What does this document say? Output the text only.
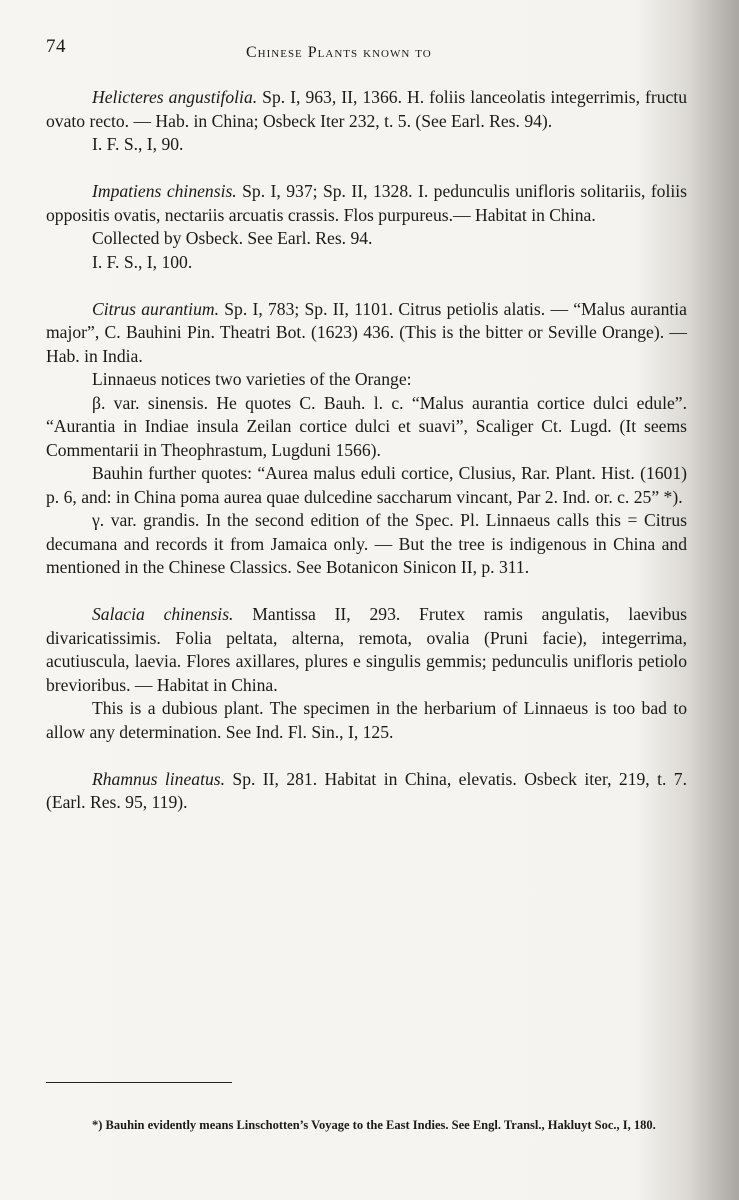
74	Chinese Plants known to

Helicteres angustifolia. Sp. I, 963, II, 1366. H. foliis lanceolatis integerrimis, fructu ovato recto. — Hab. in China; Osbeck Iter 232, t. 5. (See Earl. Res. 94).

I. F. S., I, 90.

Impatiens chinensis. Sp. I, 937; Sp. II, 1328. I. pedunculis unifloris solitariis, foliis oppositis ovatis, nectariis arcuatis crassis. Flos purpureus.— Habitat in China.

Collected by Osbeck. See Earl. Res. 94.

I. F. S., I, 100.

Citrus aurantium. Sp. I, 783; Sp. II, 1101. Citrus petiolis alatis. — “Malus aurantia major”, C. Bauhini Pin. Theatri Bot. (1623) 436. (This is the bitter or Seville Orange). — Hab. in India.

Linnaeus notices two varieties of the Orange:

β. var. sinensis. He quotes C. Bauh. l. c. “Malus aurantia cortice dulci edule”. “Aurantia in Indiae insula Zeilan cortice dulci et suavi”, Scaliger Ct. Lugd. (It seems Commentarii in Theophrastum, Lugduni 1566).

Bauhin further quotes: “Aurea malus eduli cortice, Clusius, Rar. Plant. Hist. (1601) p. 6, and: in China poma aurea quae dulcedine saccharum vincant, Par 2. Ind. or. c. 25” *).

γ. var. grandis. In the second edition of the Spec. Pl. Linnaeus calls this = Citrus decumana and records it from Jamaica only. — But the tree is indigenous in China and mentioned in the Chinese Classics. See Botanicon Sinicon II, p. 311.

Salacia chinensis. Mantissa II, 293. Frutex ramis angulatis, laevibus divaricatissimis. Folia peltata, alterna, remota, ovalia (Pruni facie), integerrima, acutiuscula, laevia. Flores axillares, plures e singulis gemmis; pedunculis unifloris petiolo brevioribus. — Habitat in China.

This is a dubious plant. The specimen in the herbarium of Linnaeus is too bad to allow any determination. See Ind. Fl. Sin., I, 125.

Rhamnus lineatus. Sp. II, 281. Habitat in China, elevatis. Osbeck iter, 219, t. 7. (Earl. Res. 95, 119).

*) Bauhin evidently means Linschotten’s Voyage to the East Indies. See Engl. Transl., Hakluyt Soc., I, 180.
